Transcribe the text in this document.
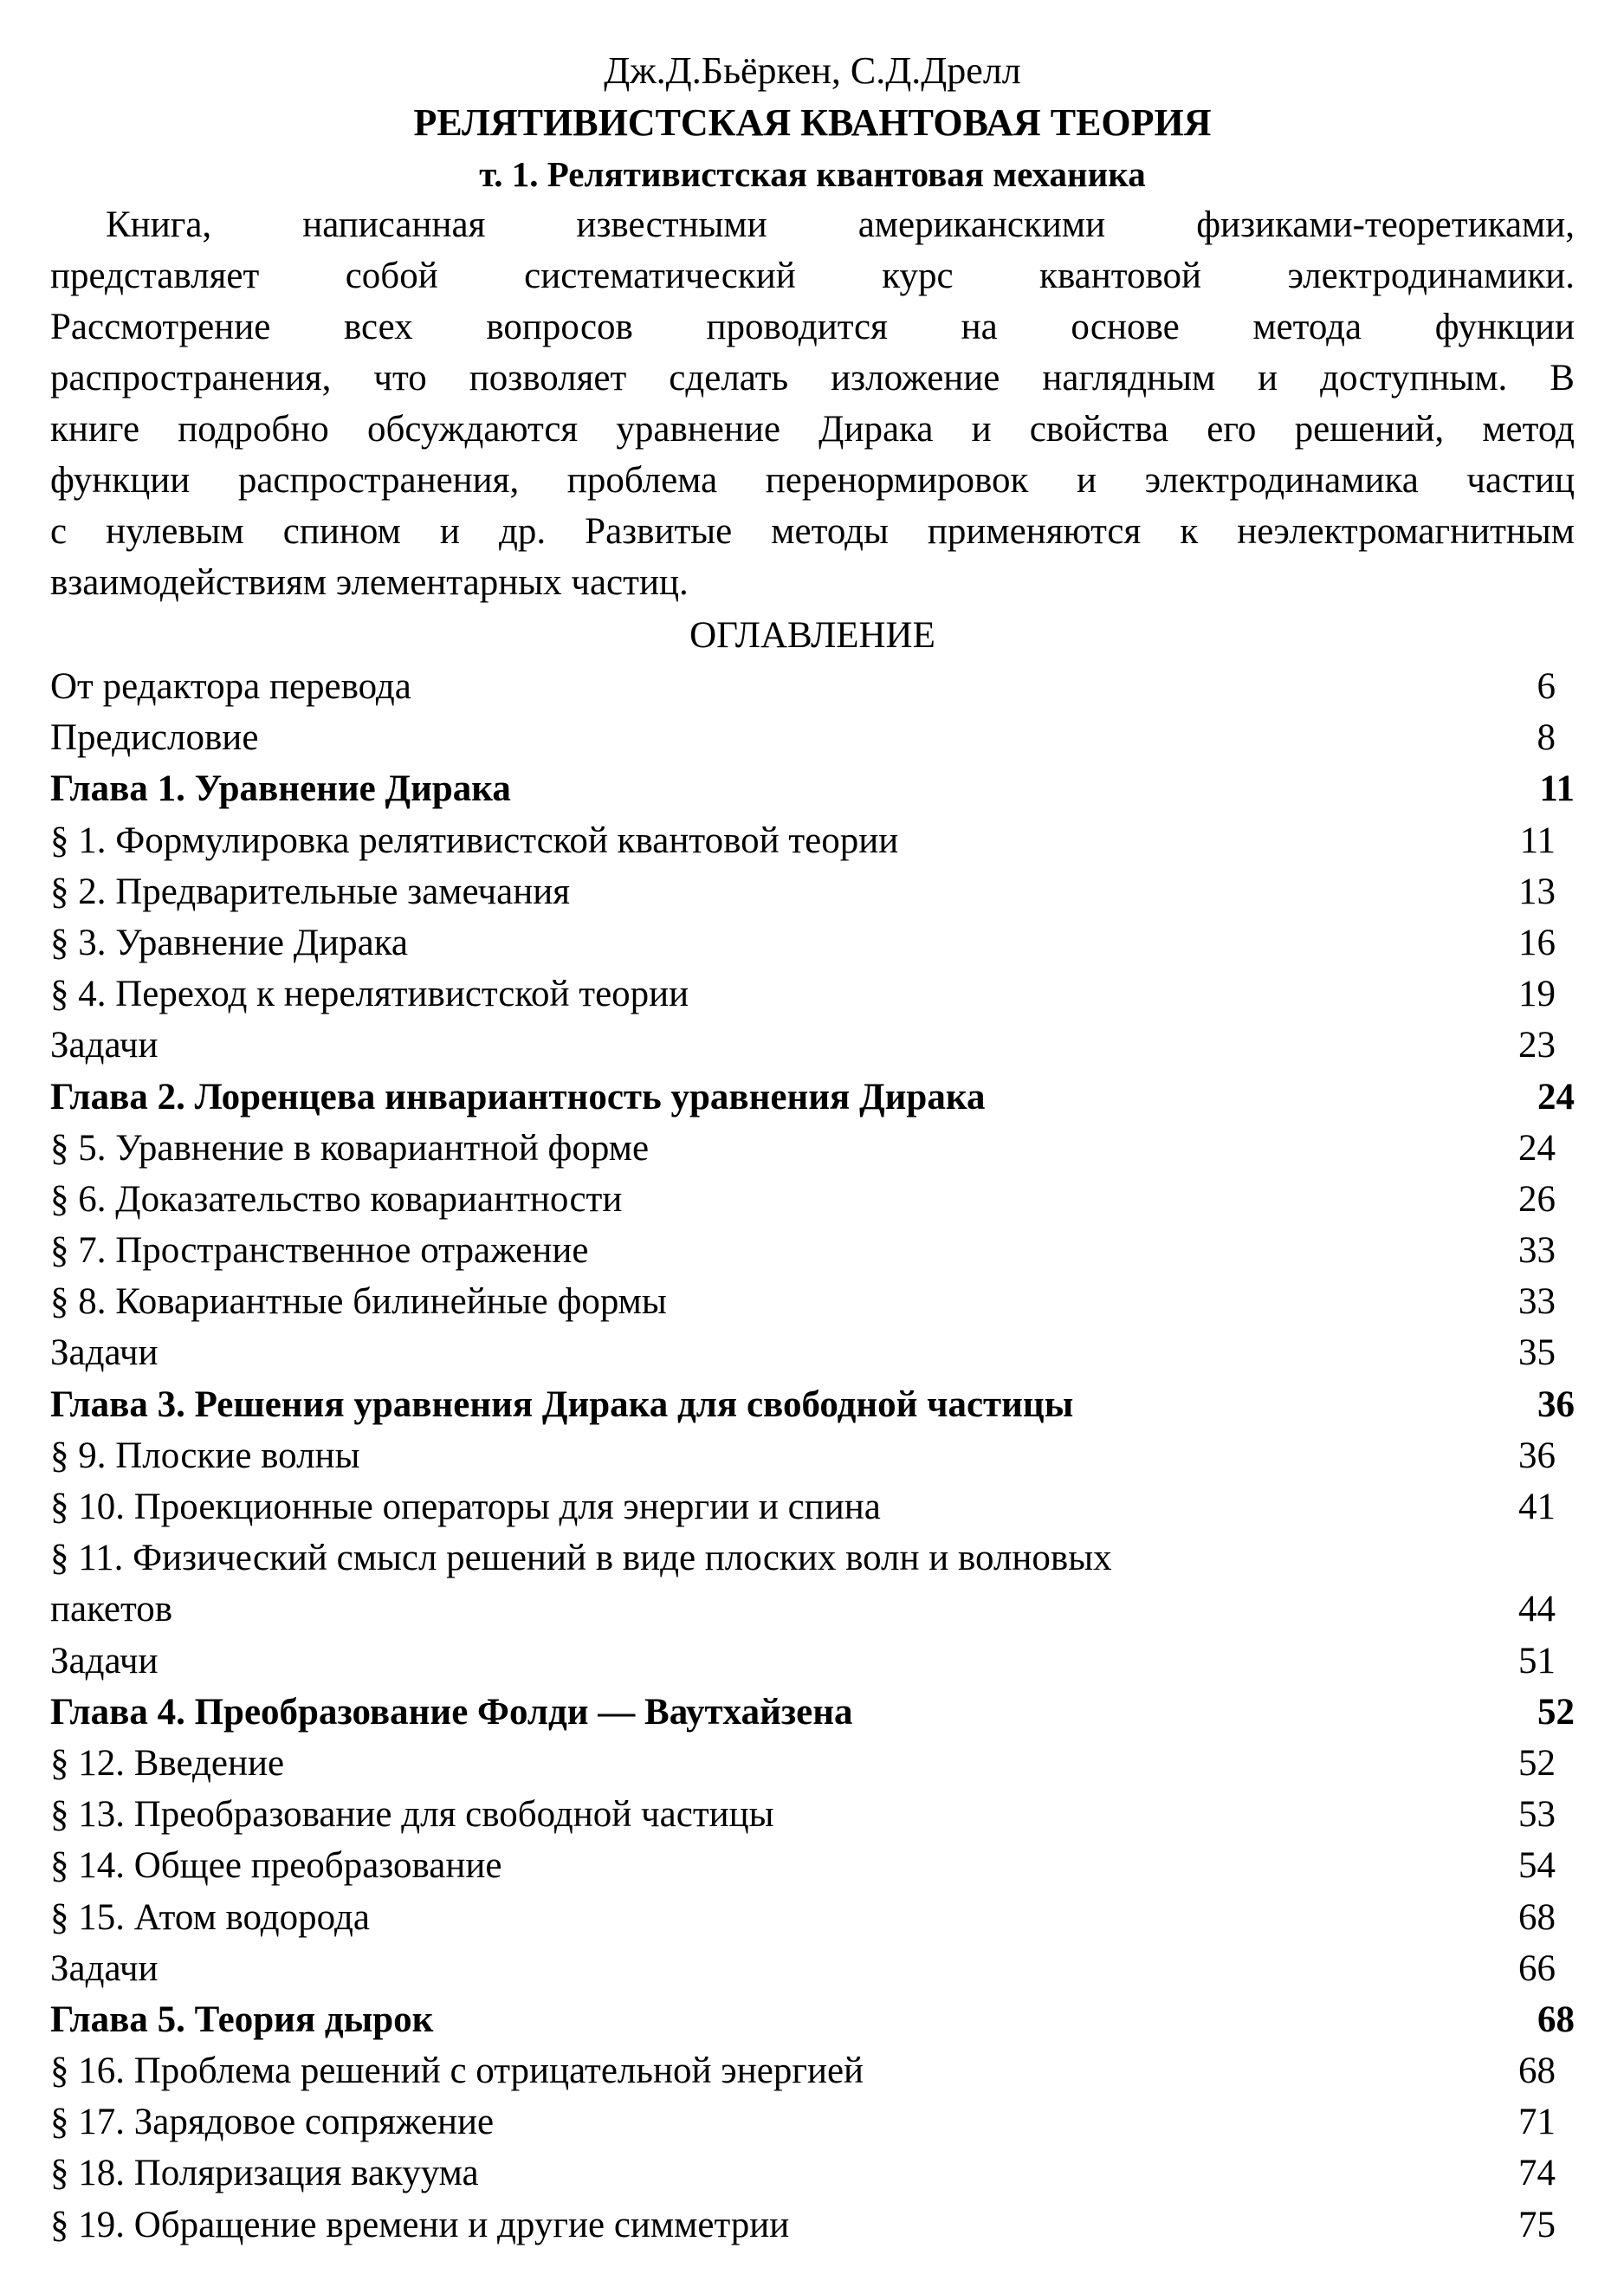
Дж.Д.Бьёркен, С.Д.Дрелл
РЕЛЯТИВИСТСКАЯ КВАНТОВАЯ ТЕОРИЯ
т. 1. Релятивистская квантовая механика
Книга, написанная известными американскими физиками-теоретиками,
представляет собой систематический курс квантовой электродинамики.
Рассмотрение всех вопросов проводится на основе метода функции
распространения, что позволяет сделать изложение наглядным и доступным. В
книге подробно обсуждаются уравнение Дирака и свойства его решений, метод
функции распространения, проблема перенормировок и электродинамика частиц
с нулевым спином и др. Развитые методы применяются к неэлектромагнитным
взаимодействиям элементарных частиц.
ОГЛАВЛЕНИЕ
От редактора перевода	6
Предисловие	8
Глава 1. Уравнение Дирака	11
§ 1. Формулировка релятивистской квантовой теории	11
§ 2. Предварительные замечания	13
§ 3. Уравнение Дирака	16
§ 4. Переход к нерелятивистской теории	19
Задачи	23
Глава 2. Лоренцева инвариантность уравнения Дирака	24
§ 5. Уравнение в ковариантной форме	24
§ 6. Доказательство ковариантности	26
§ 7. Пространственное отражение	33
§ 8. Ковариантные билинейные формы	33
Задачи	35
Глава 3. Решения уравнения Дирака для свободной частицы	36
§ 9. Плоские волны	36
§ 10. Проекционные операторы для энергии и спина	41
§ 11. Физический смысл решений в виде плоских волн и волновых
пакетов	44
Задачи	51
Глава 4. Преобразование Фолди — Ваутхайзена	52
§ 12. Введение	52
§ 13. Преобразование для свободной частицы	53
§ 14. Общее преобразование	54
§ 15. Атом водорода	68
Задачи	66
Глава 5. Теория дырок	68
§ 16. Проблема решений с отрицательной энергией	68
§ 17. Зарядовое сопряжение	71
§ 18. Поляризация вакуума	74
§ 19. Обращение времени и другие симметрии	75
